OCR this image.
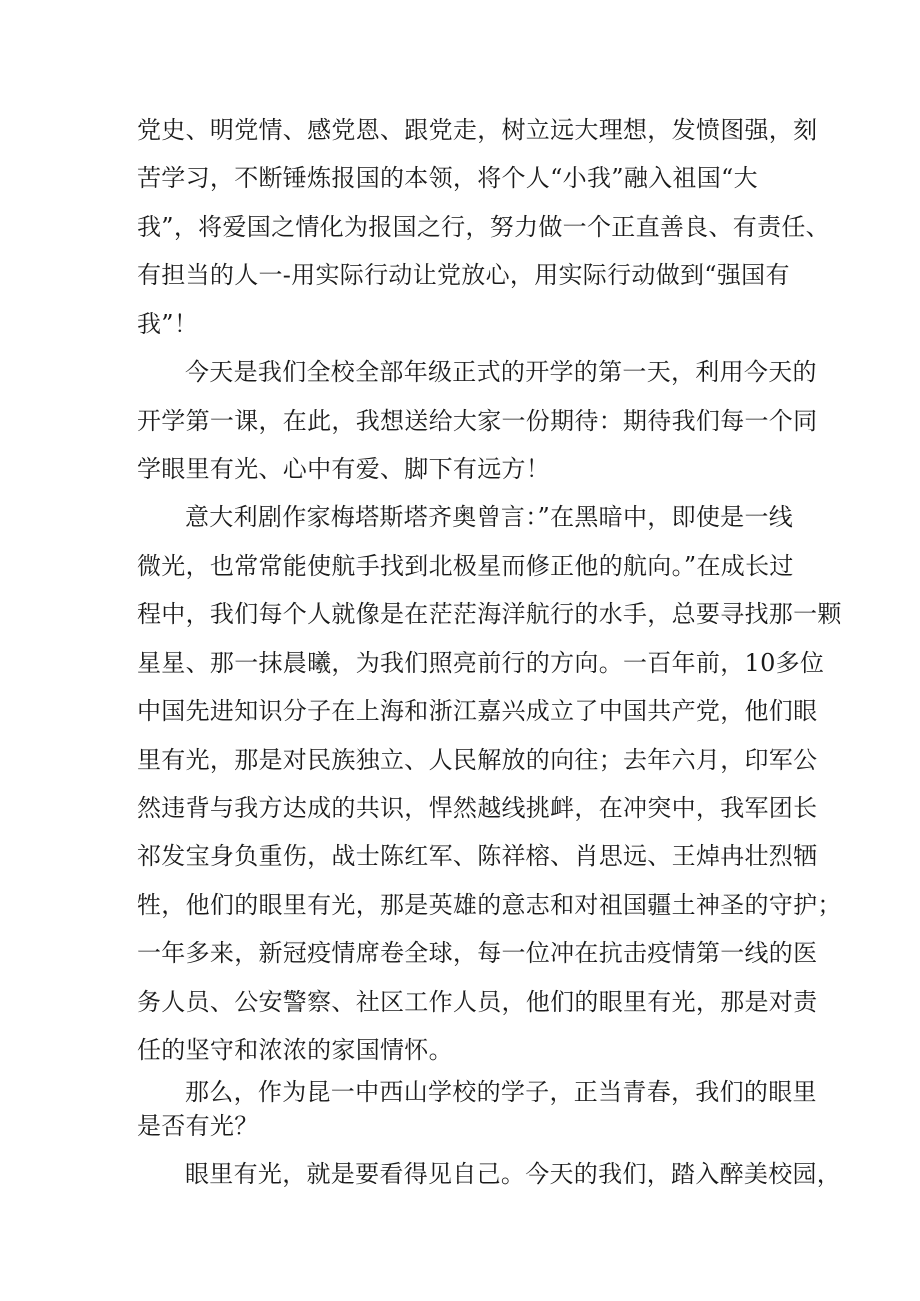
党史、明党情、感党恩、跟党走，树立远大理想，发愤图强，刻
苦学习，不断锤炼报国的本领，将个人“小我”融入祖国“大
我”，将爱国之情化为报国之行，努力做一个正直善良、有责任、
有担当的人一-用实际行动让党放心，用实际行动做到“强国有
我”！
今天是我们全校全部年级正式的开学的第一天，利用今天的
开学第一课，在此，我想送给大家一份期待：期待我们每一个同
学眼里有光、心中有爱、脚下有远方！
意大利剧作家梅塔斯塔齐奥曾言：”在黑暗中，即使是一线
微光，也常常能使航手找到北极星而修正他的航向。”在成长过
程中，我们每个人就像是在茫茫海洋航行的水手，总要寻找那一颗
星星、那一抹晨曦，为我们照亮前行的方向。一百年前，10多位
中国先进知识分子在上海和浙江嘉兴成立了中国共产党，他们眼
里有光，那是对民族独立、人民解放的向往；去年六月，印军公
然违背与我方达成的共识，悍然越线挑衅，在冲突中，我军团长
祁发宝身负重伤，战士陈红军、陈祥榕、肖思远、王焯冉壮烈牺
牲，他们的眼里有光，那是英雄的意志和对祖国疆土神圣的守护；
一年多来，新冠疫情席卷全球，每一位冲在抗击疫情第一线的医
务人员、公安警察、社区工作人员，他们的眼里有光，那是对责
任的坚守和浓浓的家国情怀。
那么，作为昆一中西山学校的学子，正当青春，我们的眼里
是否有光？
眼里有光，就是要看得见自己。今天的我们，踏入醉美校园，
